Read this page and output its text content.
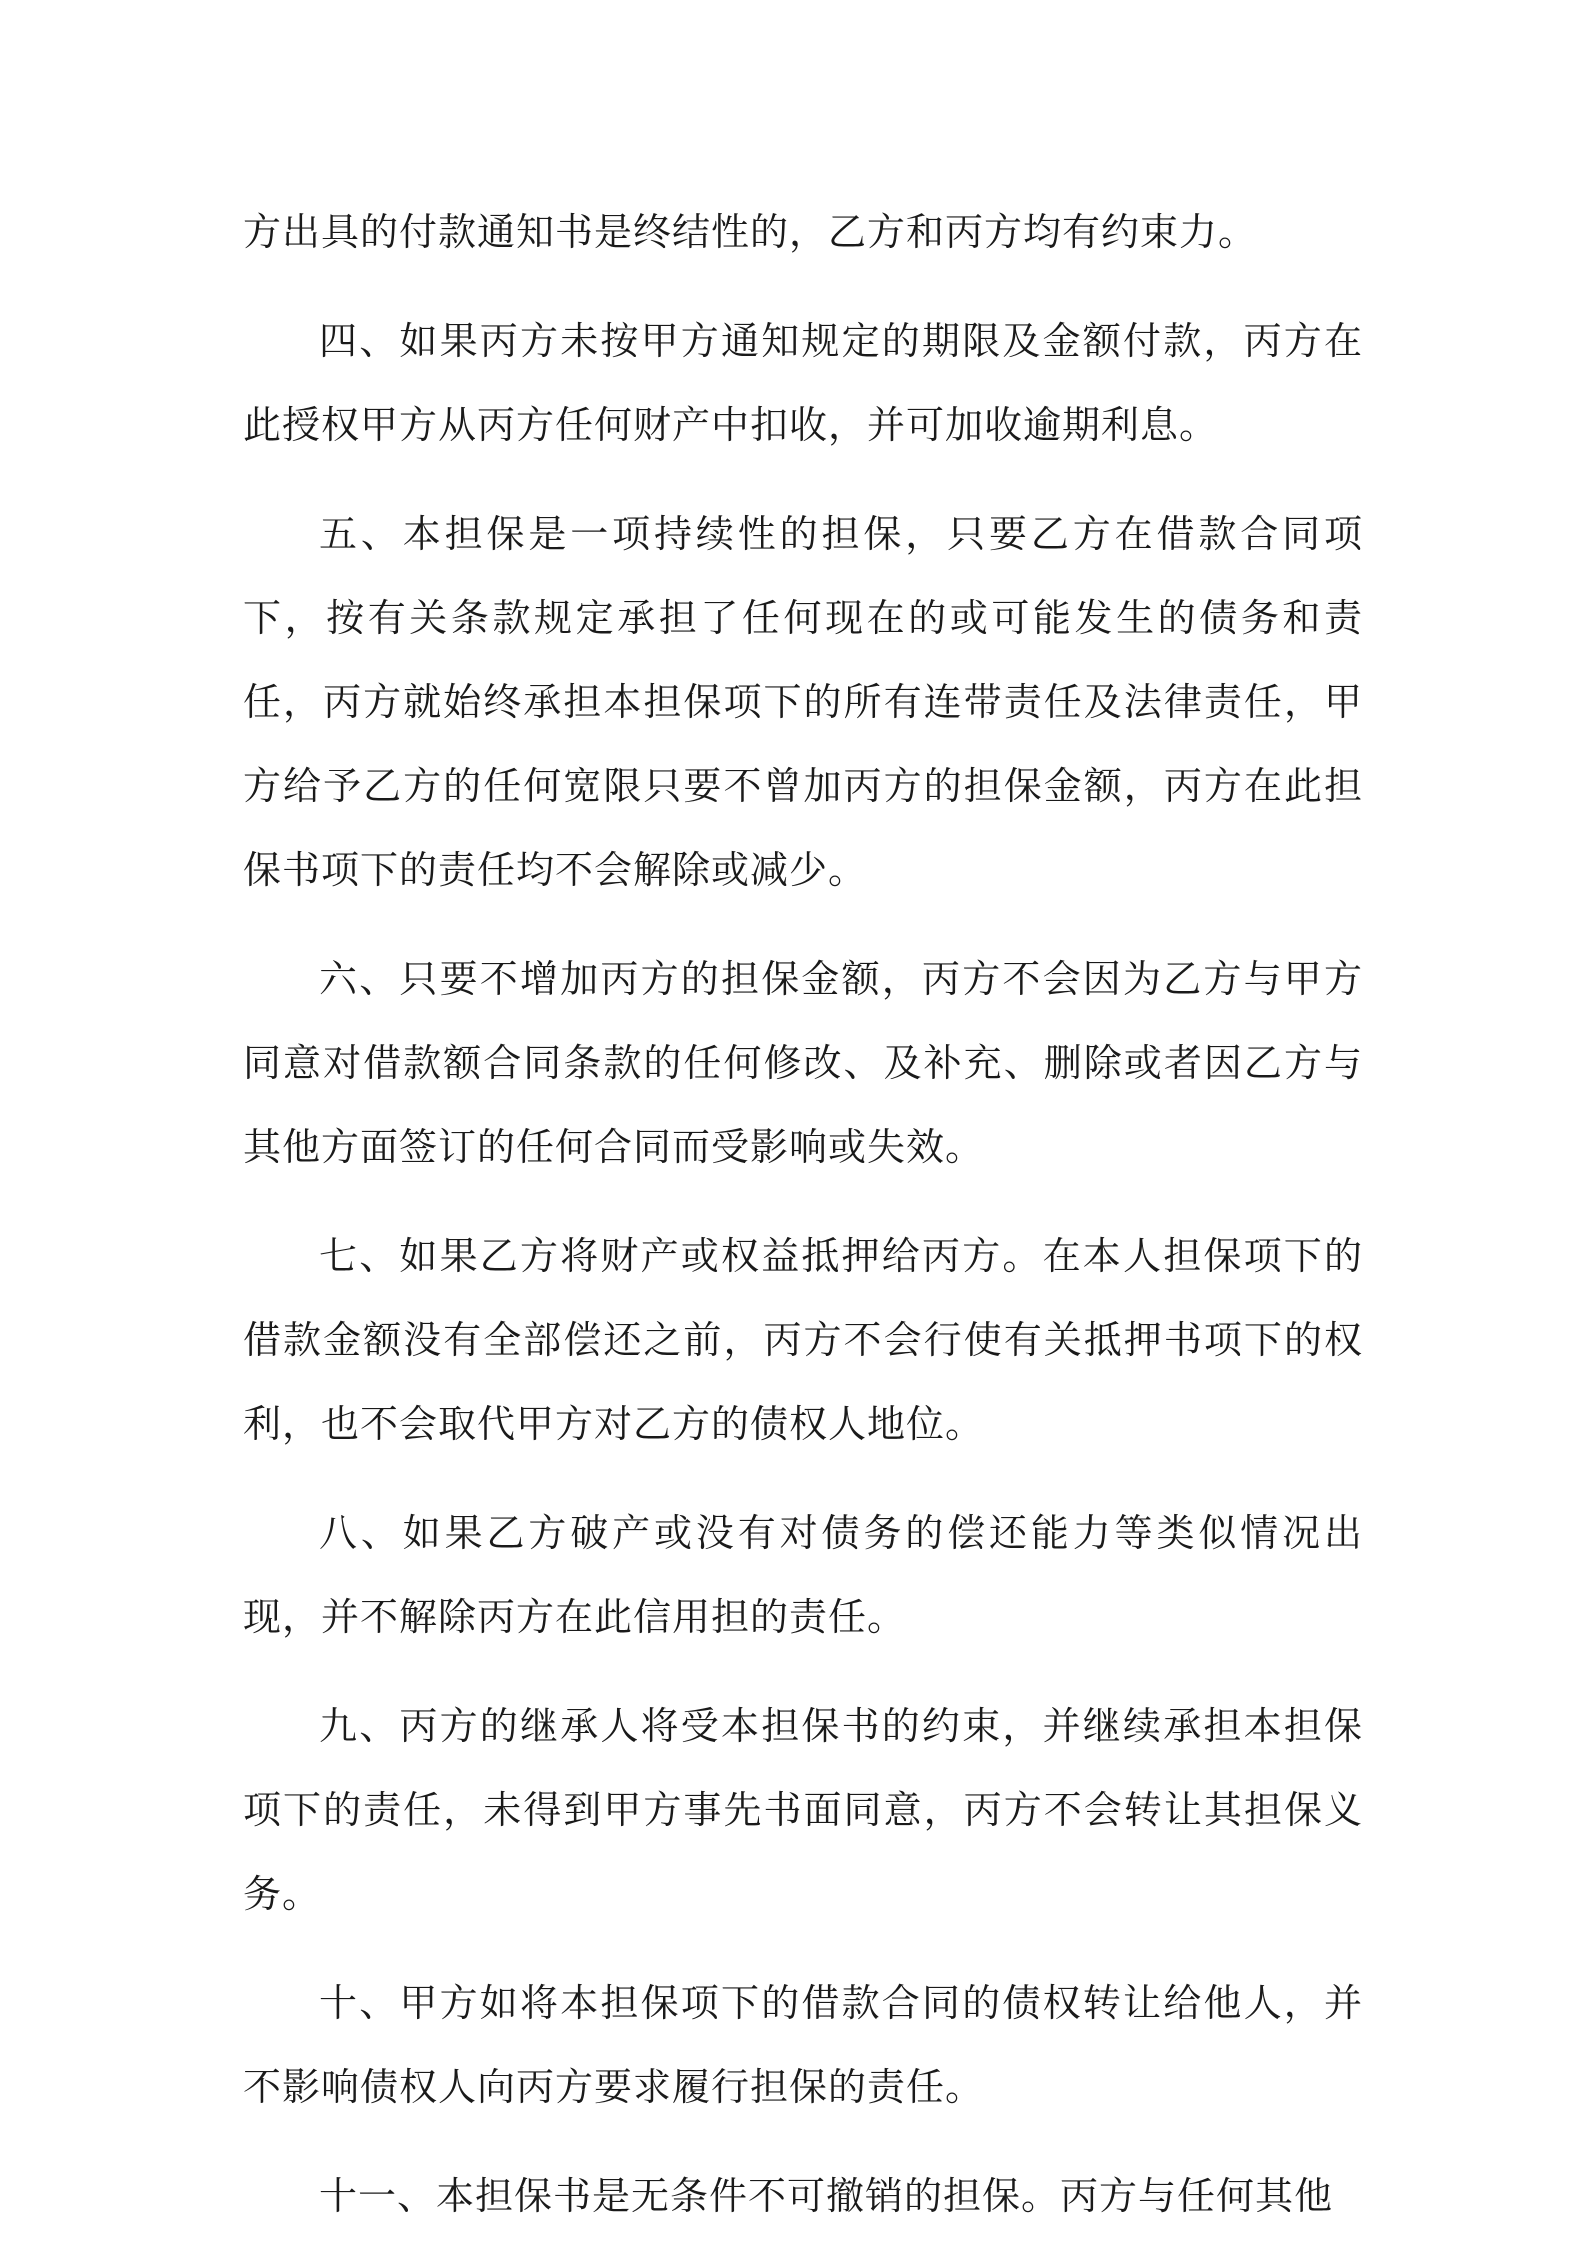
方出具的付款通知书是终结性的，乙方和丙方均有约束力。

四、如果丙方未按甲方通知规定的期限及金额付款，丙方在此授权甲方从丙方任何财产中扣收，并可加收逾期利息。

五、本担保是一项持续性的担保，只要乙方在借款合同项下，按有关条款规定承担了任何现在的或可能发生的债务和责任，丙方就始终承担本担保项下的所有连带责任及法律责任，甲方给予乙方的任何宽限只要不曾加丙方的担保金额，丙方在此担保书项下的责任均不会解除或减少。

六、只要不增加丙方的担保金额，丙方不会因为乙方与甲方同意对借款额合同条款的任何修改、及补充、删除或者因乙方与其他方面签订的任何合同而受影响或失效。

七、如果乙方将财产或权益抵押给丙方。在本人担保项下的借款金额没有全部偿还之前，丙方不会行使有关抵押书项下的权利，也不会取代甲方对乙方的债权人地位。

八、如果乙方破产或没有对债务的偿还能力等类似情况出现，并不解除丙方在此信用担的责任。

九、丙方的继承人将受本担保书的约束，并继续承担本担保项下的责任，未得到甲方事先书面同意，丙方不会转让其担保义务。

十、甲方如将本担保项下的借款合同的债权转让给他人，并不影响债权人向丙方要求履行担保的责任。

十一、本担保书是无条件不可撤销的担保。丙方与任何其他
